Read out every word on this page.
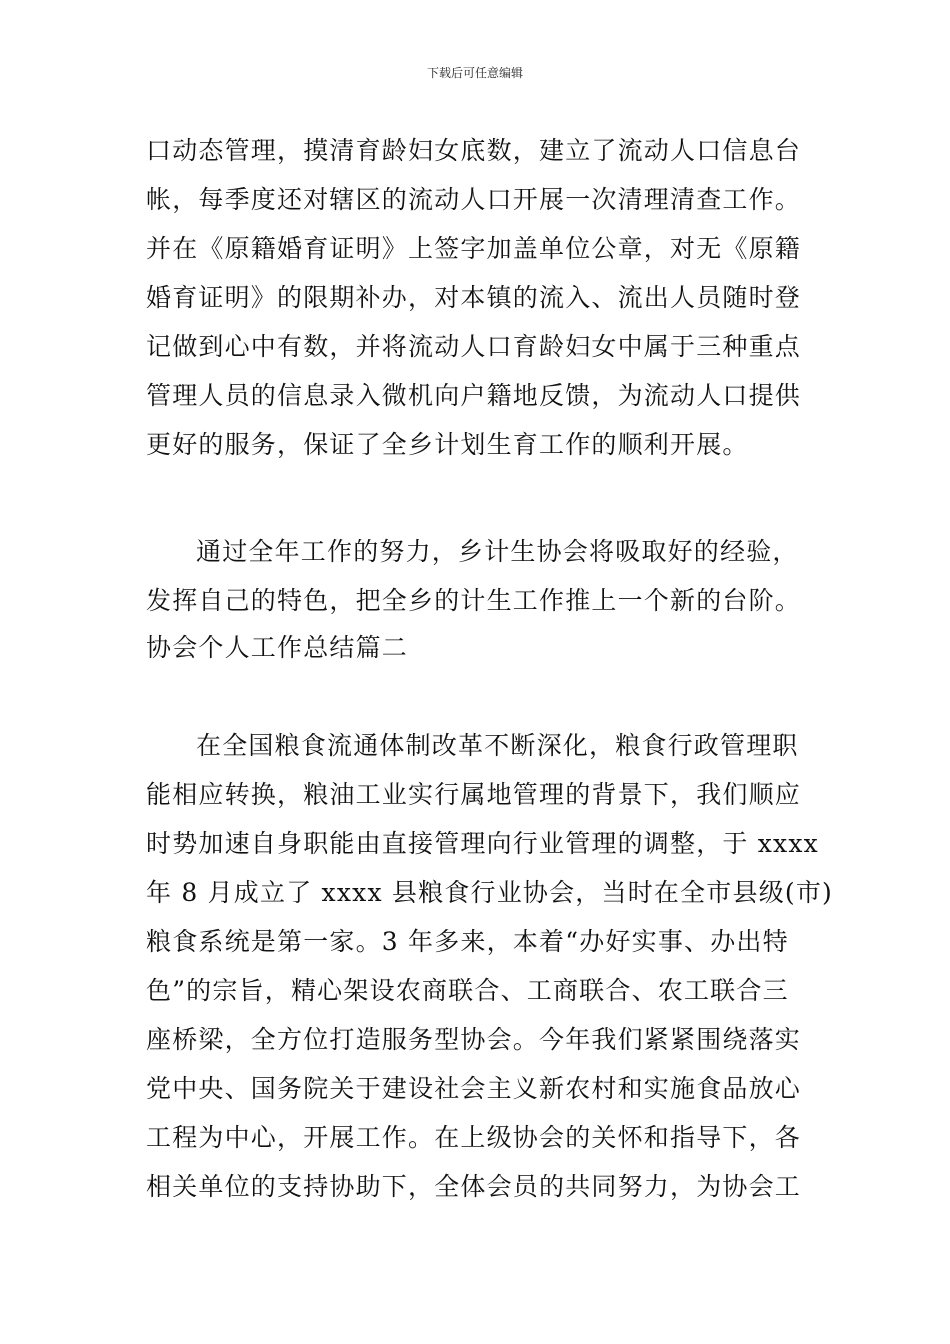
下载后可任意编辑
口动态管理，摸清育龄妇女底数，建立了流动人口信息台
帐，每季度还对辖区的流动人口开展一次清理清查工作。
并在《原籍婚育证明》上签字加盖单位公章，对无《原籍
婚育证明》的限期补办，对本镇的流入、流出人员随时登
记做到心中有数，并将流动人口育龄妇女中属于三种重点
管理人员的信息录入微机向户籍地反馈，为流动人口提供
更好的服务，保证了全乡计划生育工作的顺利开展。
通过全年工作的努力，乡计生协会将吸取好的经验，
发挥自己的特色，把全乡的计生工作推上一个新的台阶。
协会个人工作总结篇二
在全国粮食流通体制改革不断深化，粮食行政管理职
能相应转换，粮油工业实行属地管理的背景下，我们顺应
时势加速自身职能由直接管理向行业管理的调整，于 xxxx
年 8 月成立了 xxxx 县粮食行业协会，当时在全市县级(市)
粮食系统是第一家。3 年多来，本着“办好实事、办出特
色”的宗旨，精心架设农商联合、工商联合、农工联合三
座桥梁，全方位打造服务型协会。今年我们紧紧围绕落实
党中央、国务院关于建设社会主义新农村和实施食品放心
工程为中心，开展工作。在上级协会的关怀和指导下，各
相关单位的支持协助下，全体会员的共同努力，为协会工
